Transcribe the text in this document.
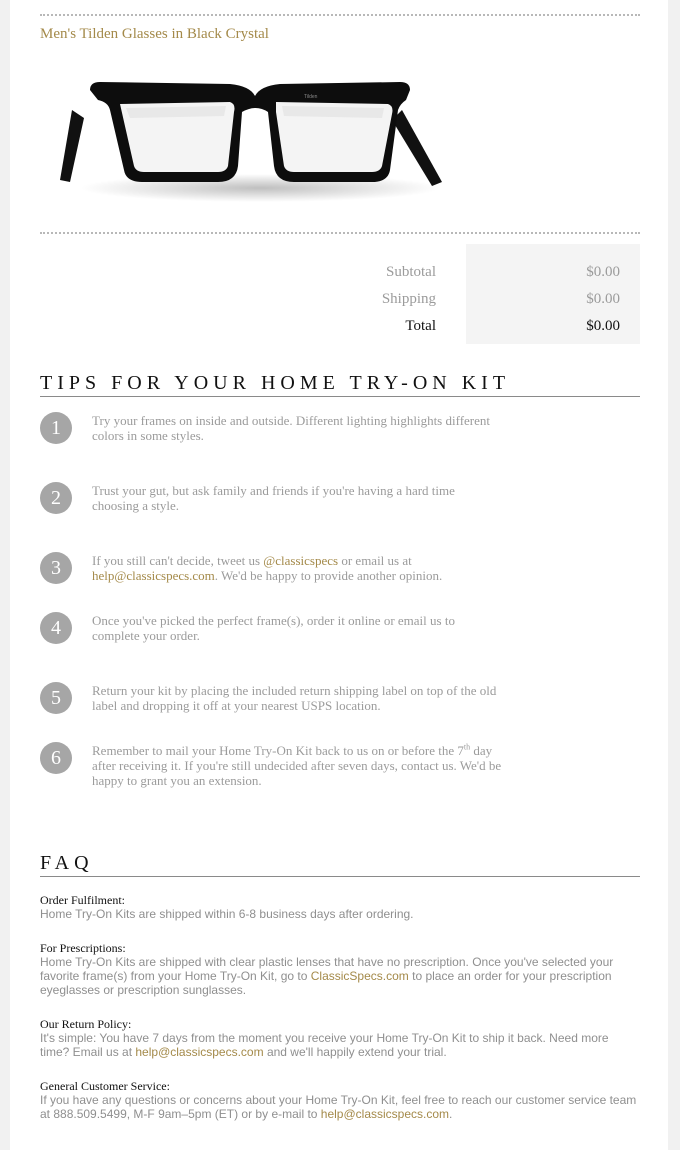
Men's Tilden Glasses in Black Crystal
Tilden
Subtotal	$0.00
Shipping	$0.00
Total	$0.00
TIPS FOR YOUR HOME TRY-ON KIT
1	Try your frames on inside and outside. Different lighting highlights different colors in some styles.
2	Trust your gut, but ask family and friends if you're having a hard time choosing a style.
3	If you still can't decide, tweet us @classicspecs or email us at help@classicspecs.com. We'd be happy to provide another opinion.
4	Once you've picked the perfect frame(s), order it online or email us to complete your order.
5	Return your kit by placing the included return shipping label on top of the old label and dropping it off at your nearest USPS location.
6	Remember to mail your Home Try-On Kit back to us on or before the 7th day after receiving it. If you're still undecided after seven days, contact us. We'd be happy to grant you an extension.
FAQ
Order Fulfilment:
Home Try-On Kits are shipped within 6-8 business days after ordering.
For Prescriptions:
Home Try-On Kits are shipped with clear plastic lenses that have no prescription. Once you've selected your favorite frame(s) from your Home Try-On Kit, go to ClassicSpecs.com to place an order for your prescription eyeglasses or prescription sunglasses.
Our Return Policy:
It's simple: You have 7 days from the moment you receive your Home Try-On Kit to ship it back. Need more time? Email us at help@classicspecs.com and we'll happily extend your trial.
General Customer Service:
If you have any questions or concerns about your Home Try-On Kit, feel free to reach our customer service team at 888.509.5499, M-F 9am–5pm (ET) or by e-mail to help@classicspecs.com.
